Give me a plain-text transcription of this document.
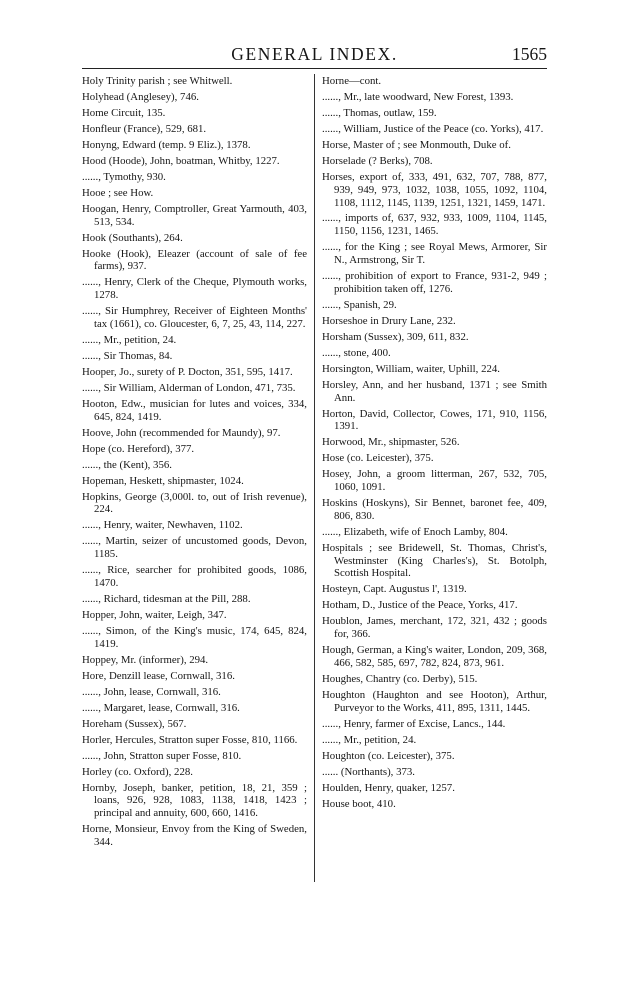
GENERAL INDEX.	1565
Holy Trinity parish ; see Whitwell.
Holyhead (Anglesey), 746.
Home Circuit, 135.
Honfleur (France), 529, 681.
Honyng, Edward (temp. 9 Eliz.), 1378.
Hood (Hoode), John, boatman, Whitby, 1227.
......, Tymothy, 930.
Hooe ; see How.
Hoogan, Henry, Comptroller, Great Yarmouth, 403, 513, 534.
Hook (Southants), 264.
Hooke (Hook), Eleazer (account of sale of fee farms), 937.
......, Henry, Clerk of the Cheque, Plymouth works, 1278.
......, Sir Humphrey, Receiver of Eighteen Months' tax (1661), co. Gloucester, 6, 7, 25, 43, 114, 227.
......, Mr., petition, 24.
......, Sir Thomas, 84.
Hooper, Jo., surety of P. Docton, 351, 595, 1417.
......, Sir William, Alderman of London, 471, 735.
Hooton, Edw., musician for lutes and voices, 334, 645, 824, 1419.
Hoove, John (recommended for Maundy), 97.
Hope (co. Hereford), 377.
......, the (Kent), 356.
Hopeman, Heskett, shipmaster, 1024.
Hopkins, George (3,000l. to, out of Irish revenue), 224.
......, Henry, waiter, Newhaven, 1102.
......, Martin, seizer of uncustomed goods, Devon, 1185.
......, Rice, searcher for prohibited goods, 1086, 1470.
......, Richard, tidesman at the Pill, 288.
Hopper, John, waiter, Leigh, 347.
......, Simon, of the King's music, 174, 645, 824, 1419.
Hoppey, Mr. (informer), 294.
Hore, Denzill lease, Cornwall, 316.
......, John, lease, Cornwall, 316.
......, Margaret, lease, Cornwall, 316.
Horeham (Sussex), 567.
Horler, Hercules, Stratton super Fosse, 810, 1166.
......, John, Stratton super Fosse, 810.
Horley (co. Oxford), 228.
Hornby, Joseph, banker, petition, 18, 21, 359 ; loans, 926, 928, 1083, 1138, 1418, 1423 ; principal and annuity, 600, 660, 1416.
Horne, Monsieur, Envoy from the King of Sweden, 344.
Horne—cont.
......, Mr., late woodward, New Forest, 1393.
......, Thomas, outlaw, 159.
......, William, Justice of the Peace (co. Yorks), 417.
Horse, Master of ; see Monmouth, Duke of.
Horselade (? Berks), 708.
Horses, export of, 333, 491, 632, 707, 788, 877, 939, 949, 973, 1032, 1038, 1055, 1092, 1104, 1108, 1112, 1145, 1139, 1251, 1321, 1459, 1471.
......, imports of, 637, 932, 933, 1009, 1104, 1145, 1150, 1156, 1231, 1465.
......, for the King ; see Royal Mews, Armorer, Sir N., Armstrong, Sir T.
......, prohibition of export to France, 931-2, 949 ; prohibition taken off, 1276.
......, Spanish, 29.
Horseshoe in Drury Lane, 232.
Horsham (Sussex), 309, 611, 832.
......, stone, 400.
Horsington, William, waiter, Uphill, 224.
Horsley, Ann, and her husband, 1371 ; see Smith Ann.
Horton, David, Collector, Cowes, 171, 910, 1156, 1391.
Horwood, Mr., shipmaster, 526.
Hose (co. Leicester), 375.
Hosey, John, a groom litterman, 267, 532, 705, 1060, 1091.
Hoskins (Hoskyns), Sir Bennet, baronet fee, 409, 806, 830.
......, Elizabeth, wife of Enoch Lamby, 804.
Hospitals ; see Bridewell, St. Thomas, Christ's, Westminster (King Charles's), St. Botolph, Scottish Hospital.
Hosteyn, Capt. Augustus l', 1319.
Hotham, D., Justice of the Peace, Yorks, 417.
Houblon, James, merchant, 172, 321, 432 ; goods for, 366.
Hough, German, a King's waiter, London, 209, 368, 466, 582, 585, 697, 782, 824, 873, 961.
Houghes, Chantry (co. Derby), 515.
Houghton (Haughton and see Hooton), Arthur, Purveyor to the Works, 411, 895, 1311, 1445.
......, Henry, farmer of Excise, Lancs., 144.
......, Mr., petition, 24.
Houghton (co. Leicester), 375.
...... (Northants), 373.
Houlden, Henry, quaker, 1257.
House boot, 410.
